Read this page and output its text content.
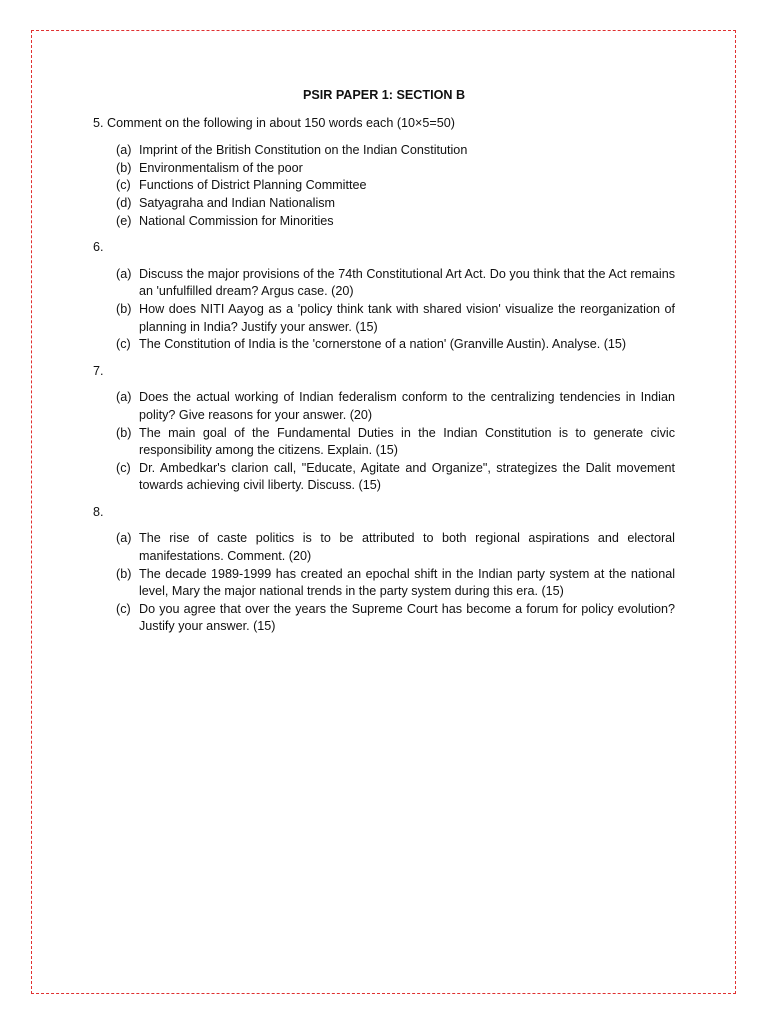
PSIR PAPER 1: SECTION B
5. Comment on the following in about 150 words each (10×5=50)
(a) Imprint of the British Constitution on the Indian Constitution
(b) Environmentalism of the poor
(c) Functions of District Planning Committee
(d) Satyagraha and Indian Nationalism
(e) National Commission for Minorities
6.
(a) Discuss the major provisions of the 74th Constitutional Art Act. Do you think that the Act remains an 'unfulfilled dream? Argus case. (20)
(b) How does NITI Aayog as a 'policy think tank with shared vision' visualize the reorganization of planning in India? Justify your answer. (15)
(c) The Constitution of India is the 'cornerstone of a nation' (Granville Austin). Analyse. (15)
7.
(a) Does the actual working of Indian federalism conform to the centralizing tendencies in Indian polity? Give reasons for your answer. (20)
(b) The main goal of the Fundamental Duties in the Indian Constitution is to generate civic responsibility among the citizens. Explain. (15)
(c) Dr. Ambedkar's clarion call, "Educate, Agitate and Organize", strategizes the Dalit movement towards achieving civil liberty. Discuss. (15)
8.
(a) The rise of caste politics is to be attributed to both regional aspirations and electoral manifestations. Comment. (20)
(b) The decade 1989-1999 has created an epochal shift in the Indian party system at the national level, Mary the major national trends in the party system during this era. (15)
(c) Do you agree that over the years the Supreme Court has become a forum for policy evolution? Justify your answer. (15)
